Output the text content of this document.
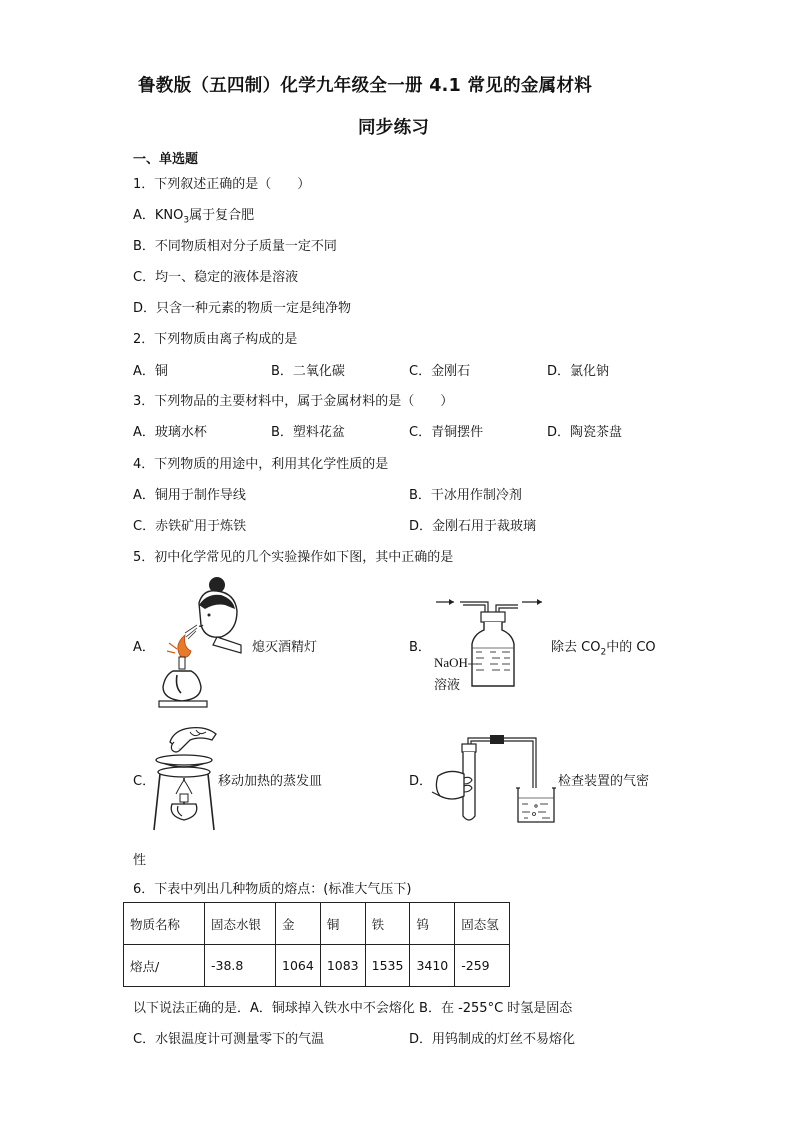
鲁教版（五四制）化学九年级全一册 4.1 常见的金属材料
同步练习
一、单选题
1．下列叙述正确的是（　　）
A．$KNO_3$属于复合肥
B．不同物质相对分子质量一定不同
C．均一、稳定的液体是溶液
D．只含一种元素的物质一定是纯净物
2．下列物质由离子构成的是
A．铜	B．二氧化碳	C．金刚石	D．氯化钠
3．下列物品的主要材料中，属于金属材料的是（　　）
A．玻璃水杯	B．塑料花盆	C．青铜摆件	D．陶瓷茶盘
4．下列物质的用途中，利用其化学性质的是
A．铜用于制作导线	B．干冰用作制冷剂
C．赤铁矿用于炼铁	D．金刚石用于裁玻璃
5．初中化学常见的几个实验操作如下图，其中正确的是
A．	熄灭酒精灯	B．
NaOH
溶液
除去 $CO_2$中的 CO
C．	移动加热的蒸发皿	D．	检查装置的气密
性
6．下表中列出几种物质的熔点：(标准大气压下)
物质名称	固态水银	金	铜	铁	钨	固态氢
熔点/	-38.8	1064	1083	1535	3410	-259
以下说法正确的是．A．铜球掉入铁水中不会熔化 B．在 -255°C 时氢是固态
C．水银温度计可测量零下的气温	D．用钨制成的灯丝不易熔化
